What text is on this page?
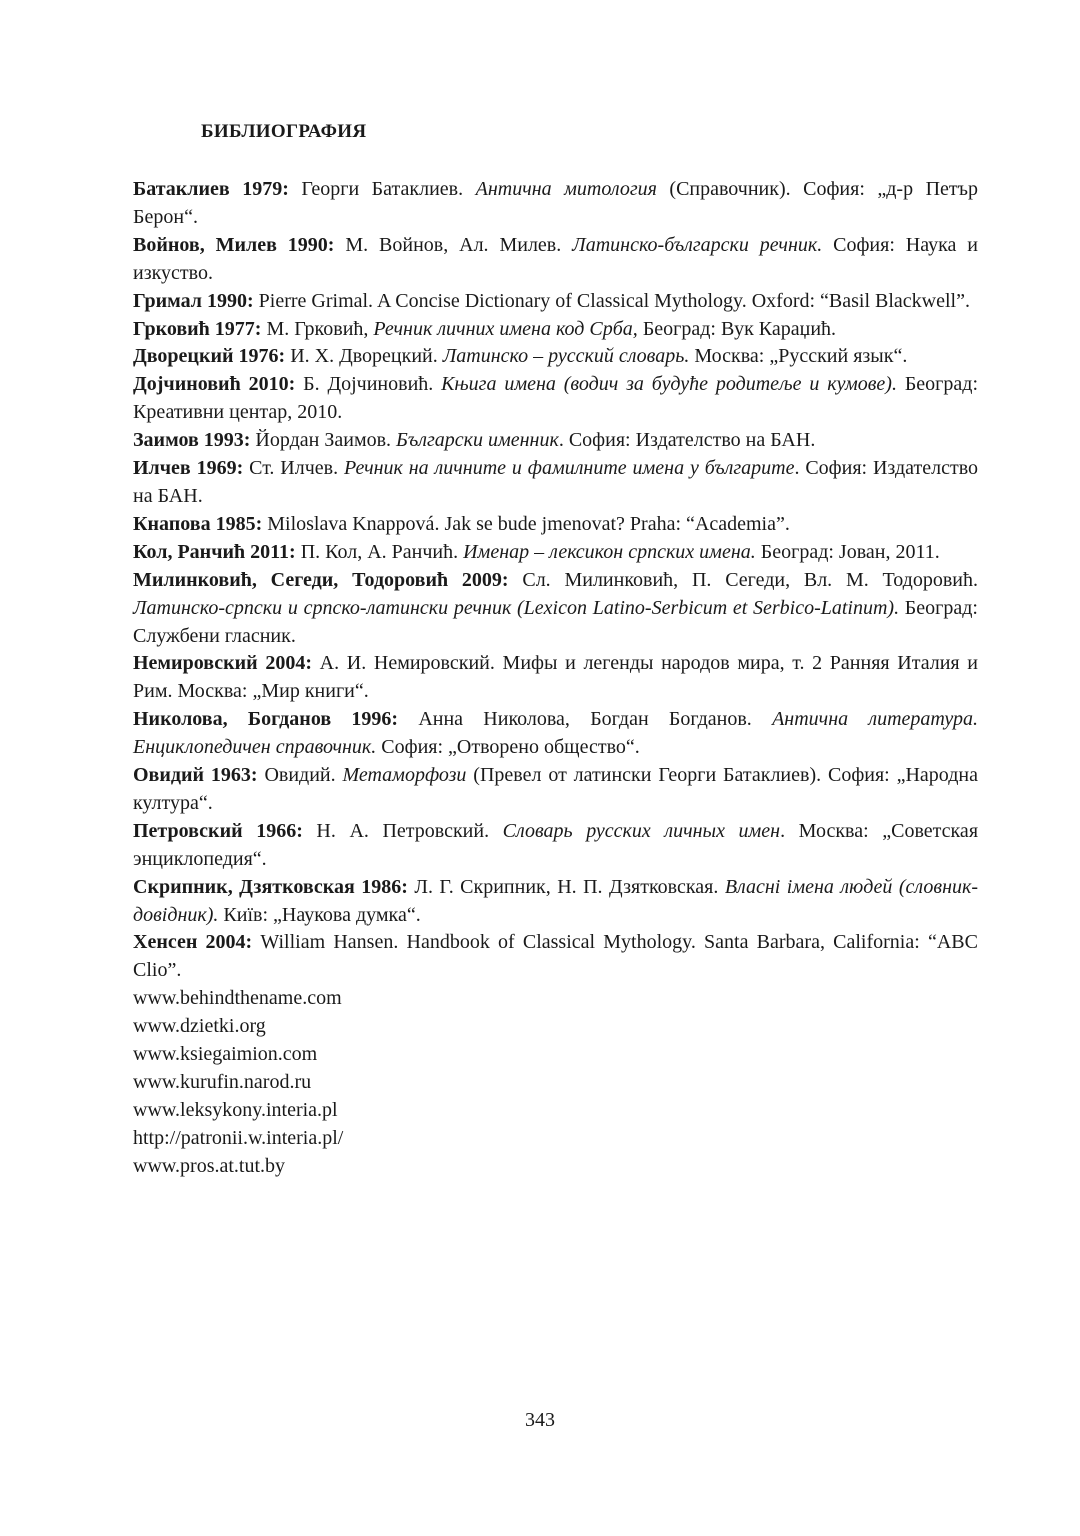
БИБЛИОГРАФИЯ

Батаклиев 1979: Георги Батаклиев. Антична митология (Справочник). София: „д-р Петър Берон“.

Войнов, Милев 1990: М. Войнов, Ал. Милев. Латинско-български речник. София: Наука и изкуство.

Гримал 1990: Pierre Grimal. A Concise Dictionary of Classical Mythology. Oxford: “Basil Blackwell”.

Грковић 1977: М. Грковић, Речник личних имена код Срба, Београд: Вук Караџић.

Дворецкий 1976: И. Х. Дворецкий. Латинско – русский словарь. Москва: „Русский язык“.

Дојчиновић 2010: Б. Дојчиновић. Књига имена (водич за будуће родитеље и кумове). Београд: Креативни центар, 2010.

Заимов 1993: Йордан Заимов. Български именник. София: Издателство на БАН.

Илчев 1969: Ст. Илчев. Речник на личните и фамилните имена у българите. София: Издателство на БАН.

Кнапова 1985: Miloslava Knappová. Jak se bude jmenovat? Praha: “Academia”.

Кол, Ранчић 2011: П. Кол, А. Ранчић. Именар – лексикон српских имена. Београд: Јован, 2011.

Милинковић, Сегеди, Тодоровић 2009: Сл. Милинковић, П. Сегеди, Вл. М. Тодоровић. Латинско-српски и српско-латински речник (Lexicon Latino-Serbicum et Serbico-Latinum). Београд: Службени гласник.

Немировский 2004: А. И. Немировский. Мифы и легенды народов мира, т. 2 Ранняя Италия и Рим. Москва: „Мир книги“.

Николова, Богданов 1996: Анна Николова, Богдан Богданов. Антична литература. Енциклопедичен справочник. София: „Отворено общество“.

Овидий 1963: Овидий. Метаморфози (Превел от латински Георги Батаклиев). София: „Народна култура“.

Петровский 1966: Н. А. Петровский. Словарь русских личных имен. Москва: „Советская энциклопедия“.

Скрипник, Дзятковская 1986: Л. Г. Скрипник, Н. П. Дзятковская. Власні імена людей (словник-довідник). Київ: „Наукова думка“.

Хенсен 2004: William Hansen. Handbook of Classical Mythology. Santa Barbara, California: “ABC Clio”.

www.behindthename.com
www.dzietki.org
www.ksiegaimion.com
www.kurufin.narod.ru
www.leksykony.interia.pl
http://patronii.w.interia.pl/
www.pros.at.tut.by
343
